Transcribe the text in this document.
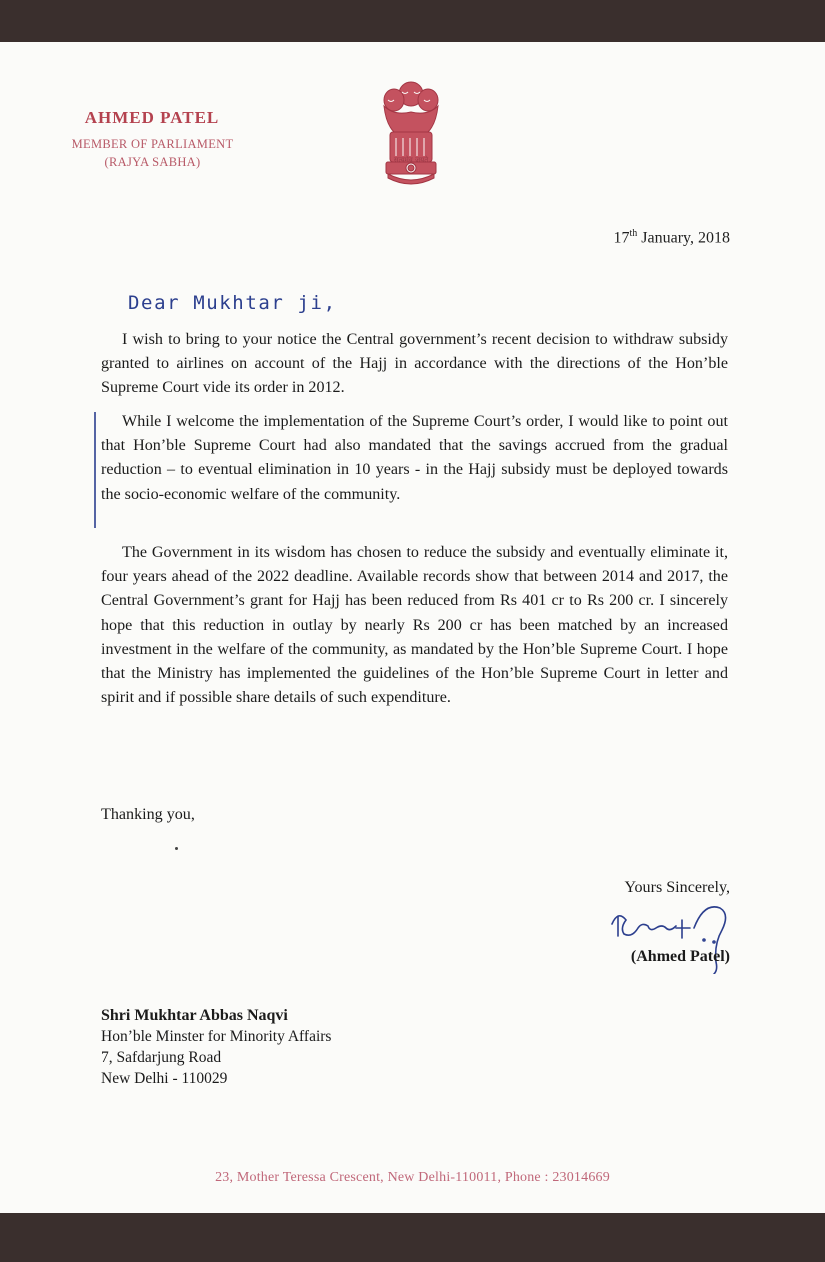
AHMED PATEL
MEMBER OF PARLIAMENT
(RAJYA SABHA)	सत्यमेव जयते
17th January, 2018
Dear Mukhtar ji,

I wish to bring to your notice the Central government’s recent decision to withdraw subsidy granted to airlines on account of the Hajj in accordance with the directions of the Hon’ble Supreme Court vide its order in 2012.

While I welcome the implementation of the Supreme Court’s order, I would like to point out that Hon’ble Supreme Court had also mandated that the savings accrued from the gradual reduction – to eventual elimination in 10 years - in the Hajj subsidy must be deployed towards the socio-economic welfare of the community.

The Government in its wisdom has chosen to reduce the subsidy and eventually eliminate it, four years ahead of the 2022 deadline. Available records show that between 2014 and 2017, the Central Government’s grant for Hajj has been reduced from Rs 401 cr to Rs 200 cr. I sincerely hope that this reduction in outlay by nearly Rs 200 cr has been matched by an increased investment in the welfare of the community, as mandated by the Hon’ble Supreme Court. I hope that the Ministry has implemented the guidelines of the Hon’ble Supreme Court in letter and spirit and if possible share details of such expenditure.

Thanking you,
Yours Sincerely,
(Ahmed Patel)
Shri Mukhtar Abbas Naqvi
Hon’ble Minster for Minority Affairs
7, Safdarjung Road
New Delhi - 110029
23, Mother Teressa Crescent, New Delhi-110011, Phone : 23014669
